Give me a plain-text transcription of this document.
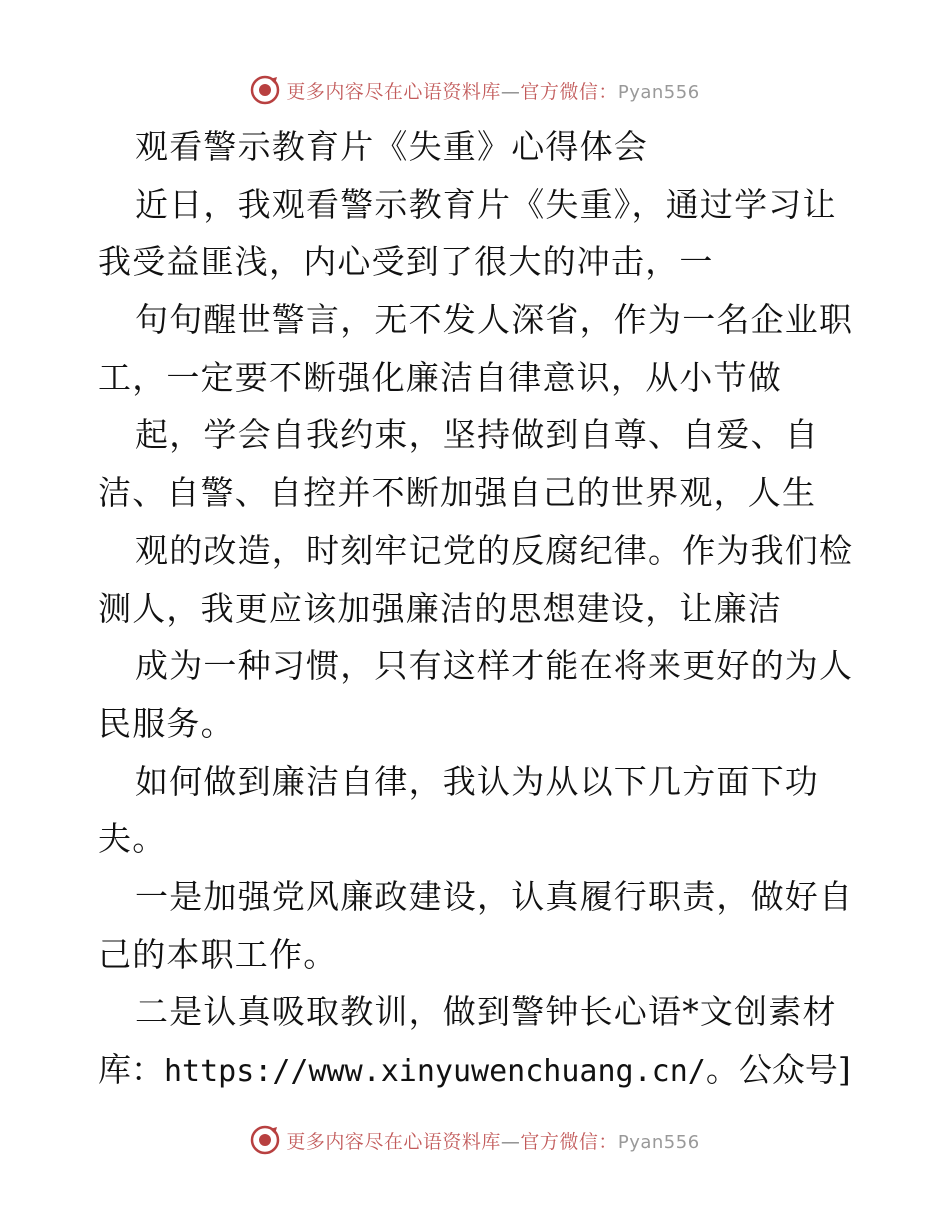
更多内容尽在心语资料库—官方微信：Pyan556
观看警示教育片《失重》心得体会
近日，我观看警示教育片《失重》，通过学习让
我受益匪浅，内心受到了很大的冲击，一
句句醒世警言，无不发人深省，作为一名企业职
工，一定要不断强化廉洁自律意识，从小节做
起，学会自我约束，坚持做到自尊、自爱、自
洁、自警、自控并不断加强自己的世界观，人生
观的改造，时刻牢记党的反腐纪律。作为我们检
测人，我更应该加强廉洁的思想建设，让廉洁
成为一种习惯，只有这样才能在将来更好的为人
民服务。
如何做到廉洁自律，我认为从以下几方面下功
夫。
一是加强党风廉政建设，认真履行职责，做好自
己的本职工作。
二是认真吸取教训，做到警钟长心语*文创素材
库：https://www.xinyuwenchuang.cn/。公众号]
更多内容尽在心语资料库—官方微信：Pyan556
